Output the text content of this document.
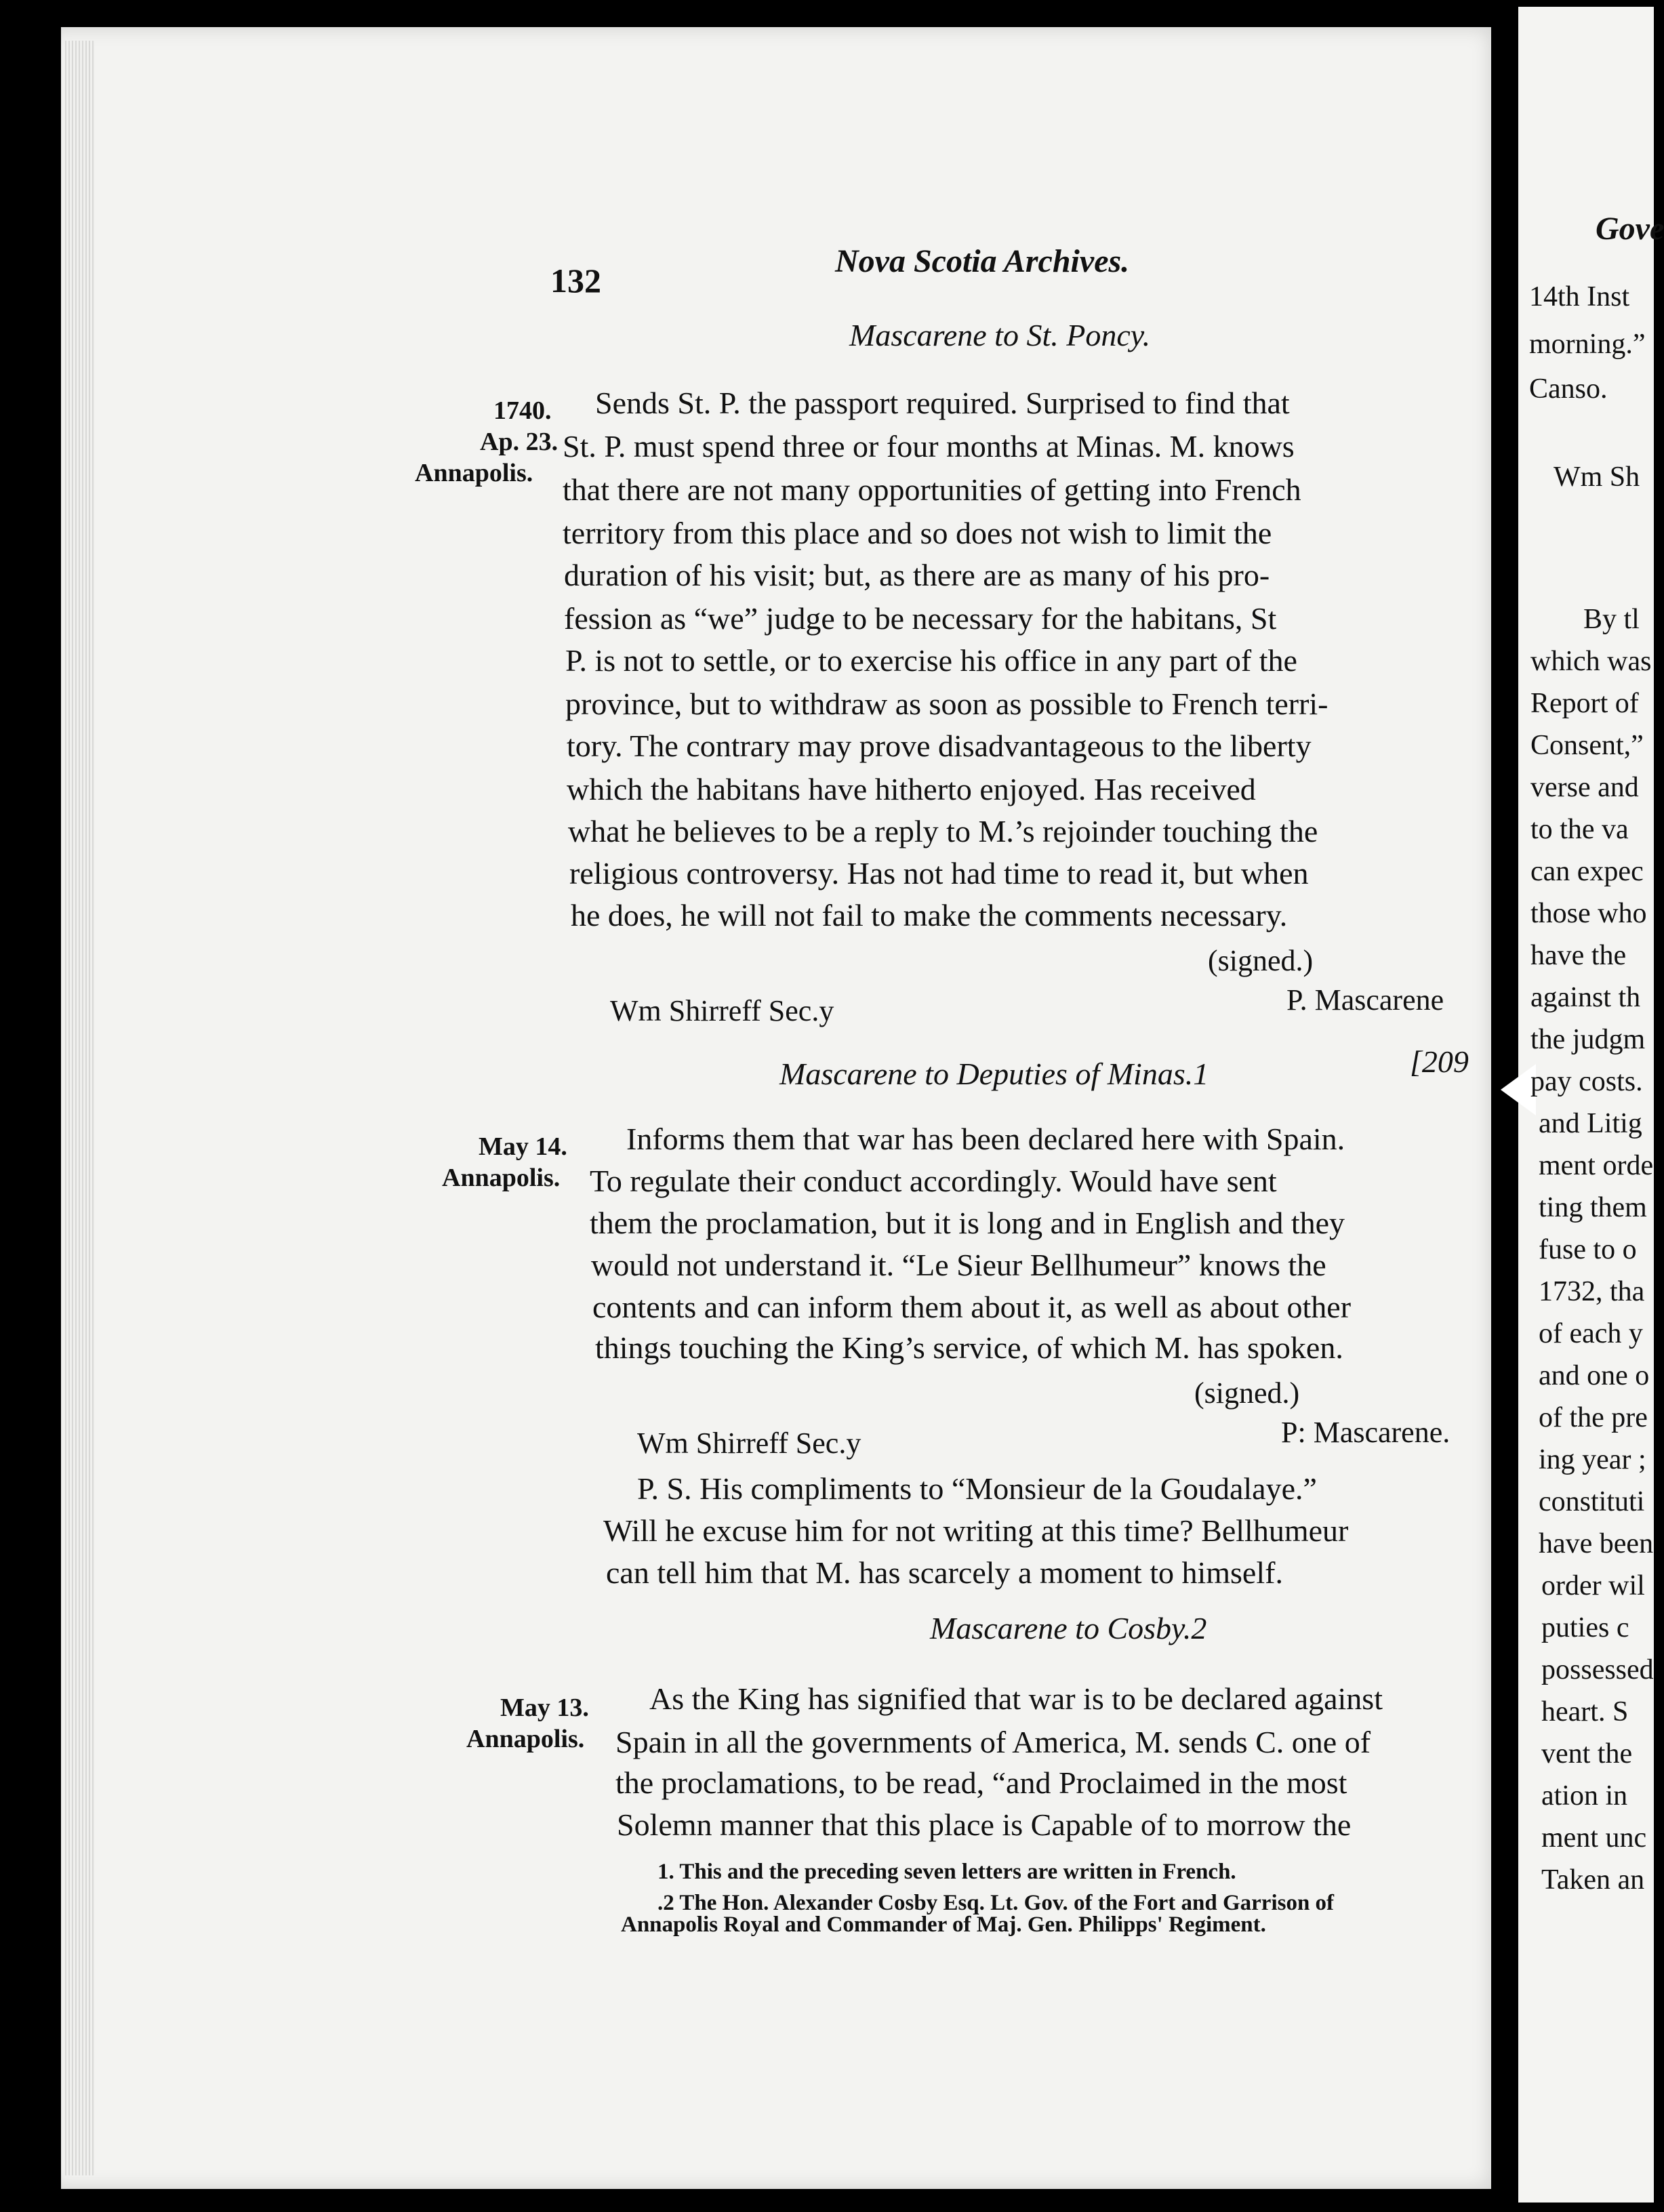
132
Nova Scotia Archives.
Mascarene to St. Poncy.
1740.
Ap. 23.
Annapolis.
Sends St. P. the passport required. Surprised to find that
St. P. must spend three or four months at Minas. M. knows
that there are not many opportunities of getting into French
territory from this place and so does not wish to limit the
duration of his visit; but, as there are as many of his pro-
fession as “we” judge to be necessary for the habitans, St
P. is not to settle, or to exercise his office in any part of the
province, but to withdraw as soon as possible to French terri-
tory. The contrary may prove disadvantageous to the liberty
which the habitans have hitherto enjoyed. Has received
what he believes to be a reply to M.’s rejoinder touching the
religious controversy. Has not had time to read it, but when
he does, he will not fail to make the comments necessary.
(signed.)
Wm Shirreff Sec.y	P. Mascarene
Mascarene to Deputies of Minas.1	[209
May 14.
Annapolis.
Informs them that war has been declared here with Spain.
To regulate their conduct accordingly. Would have sent
them the proclamation, but it is long and in English and they
would not understand it. “Le Sieur Bellhumeur” knows the
contents and can inform them about it, as well as about other
things touching the King’s service, of which M. has spoken.
(signed.)
Wm Shirreff Sec.y	P: Mascarene.
P. S. His compliments to “Monsieur de la Goudalaye.”
Will he excuse him for not writing at this time? Bellhumeur
can tell him that M. has scarcely a moment to himself.
Mascarene to Cosby.2
May 13.
Annapolis.
As the King has signified that war is to be declared against
Spain in all the governments of America, M. sends C. one of
the proclamations, to be read, “and Proclaimed in the most
Solemn manner that this place is Capable of to morrow the
1. This and the preceding seven letters are written in French.
.2 The Hon. Alexander Cosby Esq. Lt. Gov. of the Fort and Garrison of
Annapolis Royal and Commander of Maj. Gen. Philipps' Regiment.
Gove
14th Inst
morning.”
Canso.
Wm Sh
By tl
which was
Report of
Consent,”
verse and
to the va
can expec
those who
have the
against th
the judgm
pay costs.
and Litig
ment orde
ting them
fuse to o
1732, tha
of each y
and one o
of the pre
ing year ;
constituti
have been
order wil
puties c
possessed
heart. S
vent the
ation in
ment unc
Taken an
